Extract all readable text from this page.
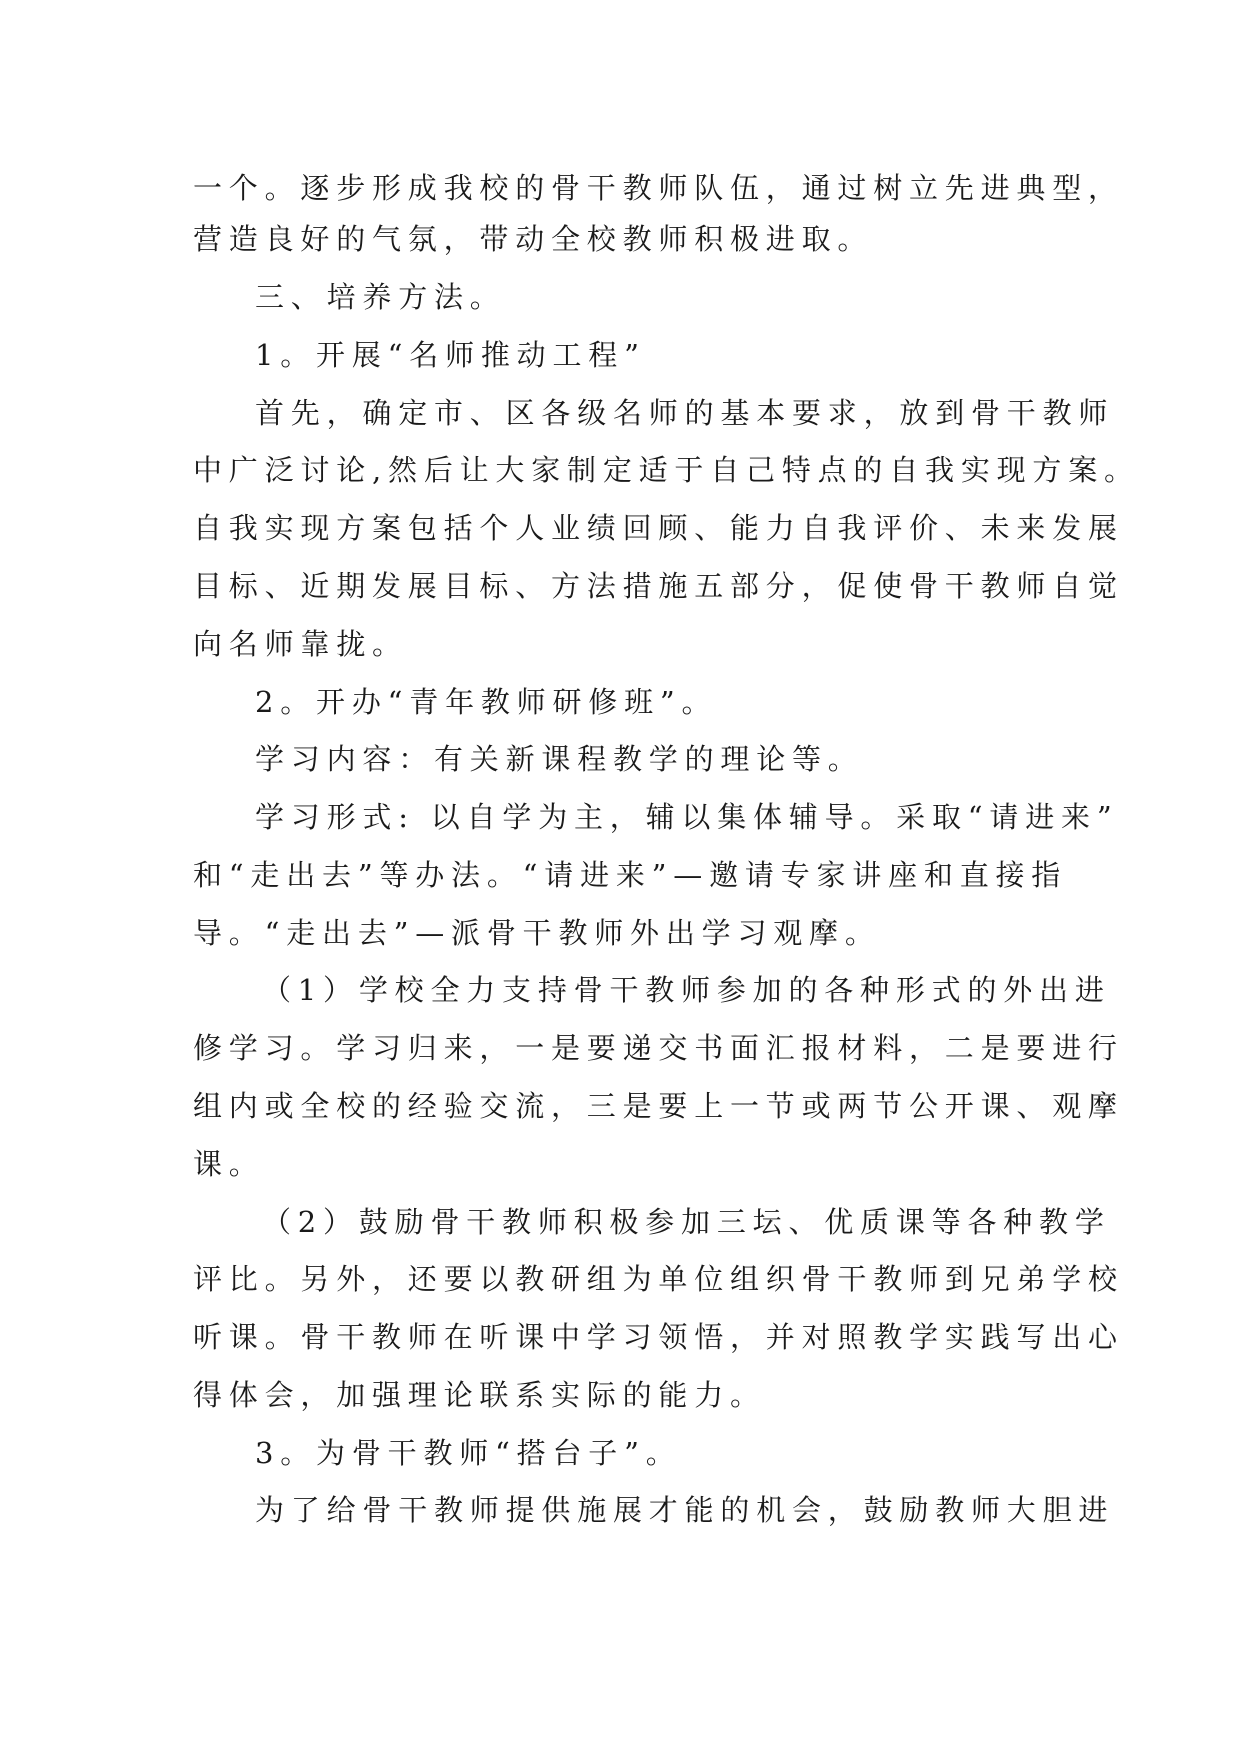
一个。逐步形成我校的骨干教师队伍，通过树立先进典型，
营造良好的气氛，带动全校教师积极进取。
三、培养方法。
1。开展“名师推动工程”
首先，确定市、区各级名师的基本要求，放到骨干教师
中广泛讨论,然后让大家制定适于自己特点的自我实现方案。
自我实现方案包括个人业绩回顾、能力自我评价、未来发展
目标、近期发展目标、方法措施五部分，促使骨干教师自觉
向名师靠拢。
2。开办“青年教师研修班”。
学习内容：有关新课程教学的理论等。
学习形式: 以自学为主，辅以集体辅导。采取“请进来”
和“走出去”等办法。“请进来”—邀请专家讲座和直接指
导。“走出去”—派骨干教师外出学习观摩。
（1）学校全力支持骨干教师参加的各种形式的外出进
修学习。学习归来，一是要递交书面汇报材料，二是要进行
组内或全校的经验交流，三是要上一节或两节公开课、观摩
课。
（2）鼓励骨干教师积极参加三坛、优质课等各种教学
评比。另外，还要以教研组为单位组织骨干教师到兄弟学校
听课。骨干教师在听课中学习领悟，并对照教学实践写出心
得体会，加强理论联系实际的能力。
3。为骨干教师“搭台子”。
为了给骨干教师提供施展才能的机会，鼓励教师大胆进
